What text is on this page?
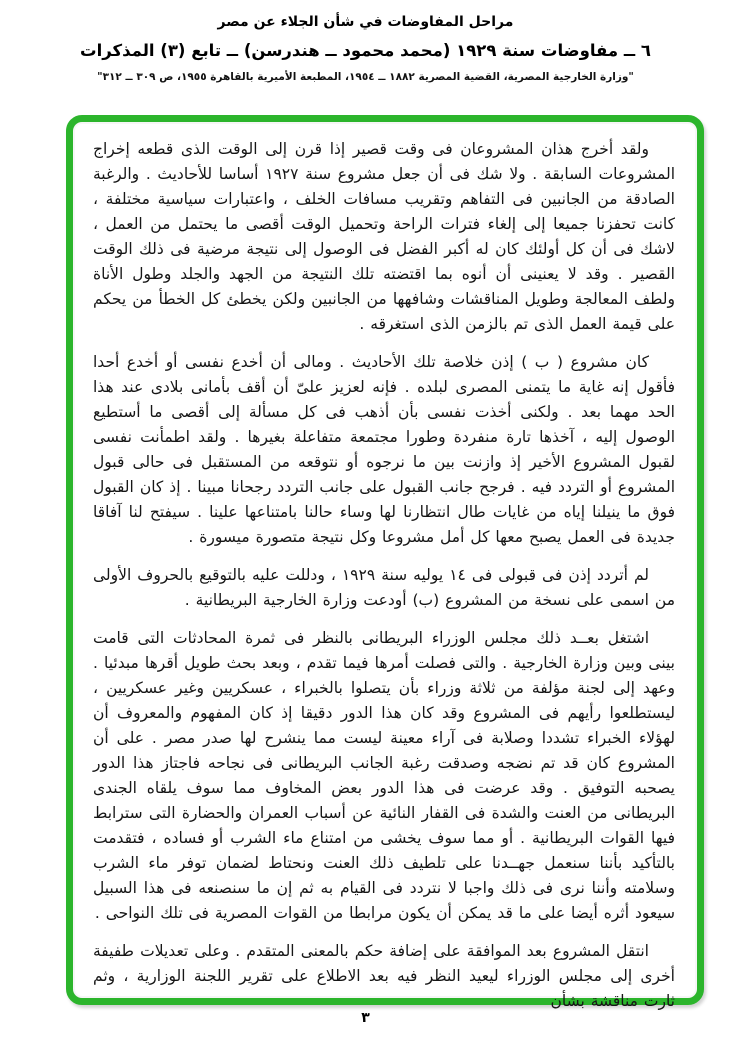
مراحل المفاوضات في شأن الجلاء عن مصر
٦ ــ مفاوضات سنة ١٩٢٩ (محمد محمود ــ هندرسن) ــ تابع (٣) المذكرات
"وزارة الخارجية المصرية، القضية المصرية ١٨٨٢ ــ ١٩٥٤، المطبعة الأميرية بالقاهرة ١٩٥٥، ص ٣٠٩ ــ ٣١٢"

ولقد أخرج هذان المشروعان فى وقت قصير إذا قرن إلى الوقت الذى قطعه إخراج المشروعات السابقة . ولا شك فى أن جعل مشروع سنة ١٩٢٧ أساسا للأحاديث . والرغبة الصادقة من الجانبين فى التفاهم وتقريب مسافات الخلف ، واعتبارات سياسية مختلفة ، كانت تحفزنا جميعا إلى إلغاء فترات الراحة وتحميل الوقت أقصى ما يحتمل من العمل ، لاشك فى أن كل أولئك كان له أكبر الفضل فى الوصول إلى نتيجة مرضية فى ذلك الوقت القصير . وقد لا يعنينى أن أنوه بما اقتضته تلك النتيجة من الجهد والجلد وطول الأناة ولطف المعالجة وطويل المناقشات وشافهها من الجانبين ولكن يخطئ كل الخطأ من يحكم على قيمة العمل الذى تم بالزمن الذى استغرقه .

كان مشروع ( ب ) إذن خلاصة تلك الأحاديث . ومالى أن أخدع نفسى أو أخدع أحدا فأقول إنه غاية ما يتمنى المصرى لبلده . فإنه لعزيز علىّ أن أقف بأمانى بلادى عند هذا الحد مهما بعد . ولكنى أخذت نفسى بأن أذهب فى كل مسألة إلى أقصى ما أستطيع الوصول إليه ، آخذها تارة منفردة وطورا مجتمعة متفاعلة بغيرها . ولقد اطمأنت نفسى لقبول المشروع الأخير إذ وازنت بين ما نرجوه أو نتوقعه من المستقبل فى حالى قبول المشروع أو التردد فيه . فرجح جانب القبول على جانب التردد رجحانا مبينا . إذ كان القبول فوق ما ينيلنا إياه من غايات طال انتظارنا لها وساء حالنا بامتناعها علينا . سيفتح لنا آفاقا جديدة فى العمل يصبح معها كل أمل مشروعا وكل نتيجة متصورة ميسورة .

لم أتردد إذن فى قبولى فى ١٤ يوليه سنة ١٩٢٩ ، ودللت عليه بالتوقيع بالحروف الأولى من اسمى على نسخة من المشروع (ب) أودعت وزارة الخارجية البريطانية .

اشتغل بعــد ذلك مجلس الوزراء البريطانى بالنظر فى ثمرة المحادثات التى قامت بينى وبين وزارة الخارجية . والتى فصلت أمرها فيما تقدم ، وبعد بحث طويل أقرها مبدئيا . وعهد إلى لجنة مؤلفة من ثلاثة وزراء بأن يتصلوا بالخبراء ، عسكريين وغير عسكريين ، ليستطلعوا رأيهم فى المشروع وقد كان هذا الدور دقيقا إذ كان المفهوم والمعروف أن لهؤلاء الخبراء تشددا وصلابة فى آراء معينة ليست مما ينشرح لها صدر مصر . على أن المشروع كان قد تم نضجه وصدقت رغبة الجانب البريطانى فى نجاحه فاجتاز هذا الدور يصحبه التوفيق . وقد عرضت فى هذا الدور بعض المخاوف مما سوف يلقاه الجندى البريطانى من العنت والشدة فى القفار النائية عن أسباب العمران والحضارة التى سترابط فيها القوات البريطانية . أو مما سوف يخشى من امتناع ماء الشرب أو فساده ، فتقدمت بالتأكيد بأننا سنعمل جهــدنا على تلطيف ذلك العنت ونحتاط لضمان توفر ماء الشرب وسلامته وأننا نرى فى ذلك واجبا لا نتردد فى القيام به ثم إن ما سنصنعه فى هذا السبيل سيعود أثره أيضا على ما قد يمكن أن يكون مرابطا من القوات المصرية فى تلك النواحى .

انتقل المشروع بعد الموافقة على إضافة حكم بالمعنى المتقدم . وعلى تعديلات طفيفة أخرى إلى مجلس الوزراء ليعيد النظر فيه بعد الاطلاع على تقرير اللجنة الوزارية ، وثم ثارت مناقشة بشأن

٣
